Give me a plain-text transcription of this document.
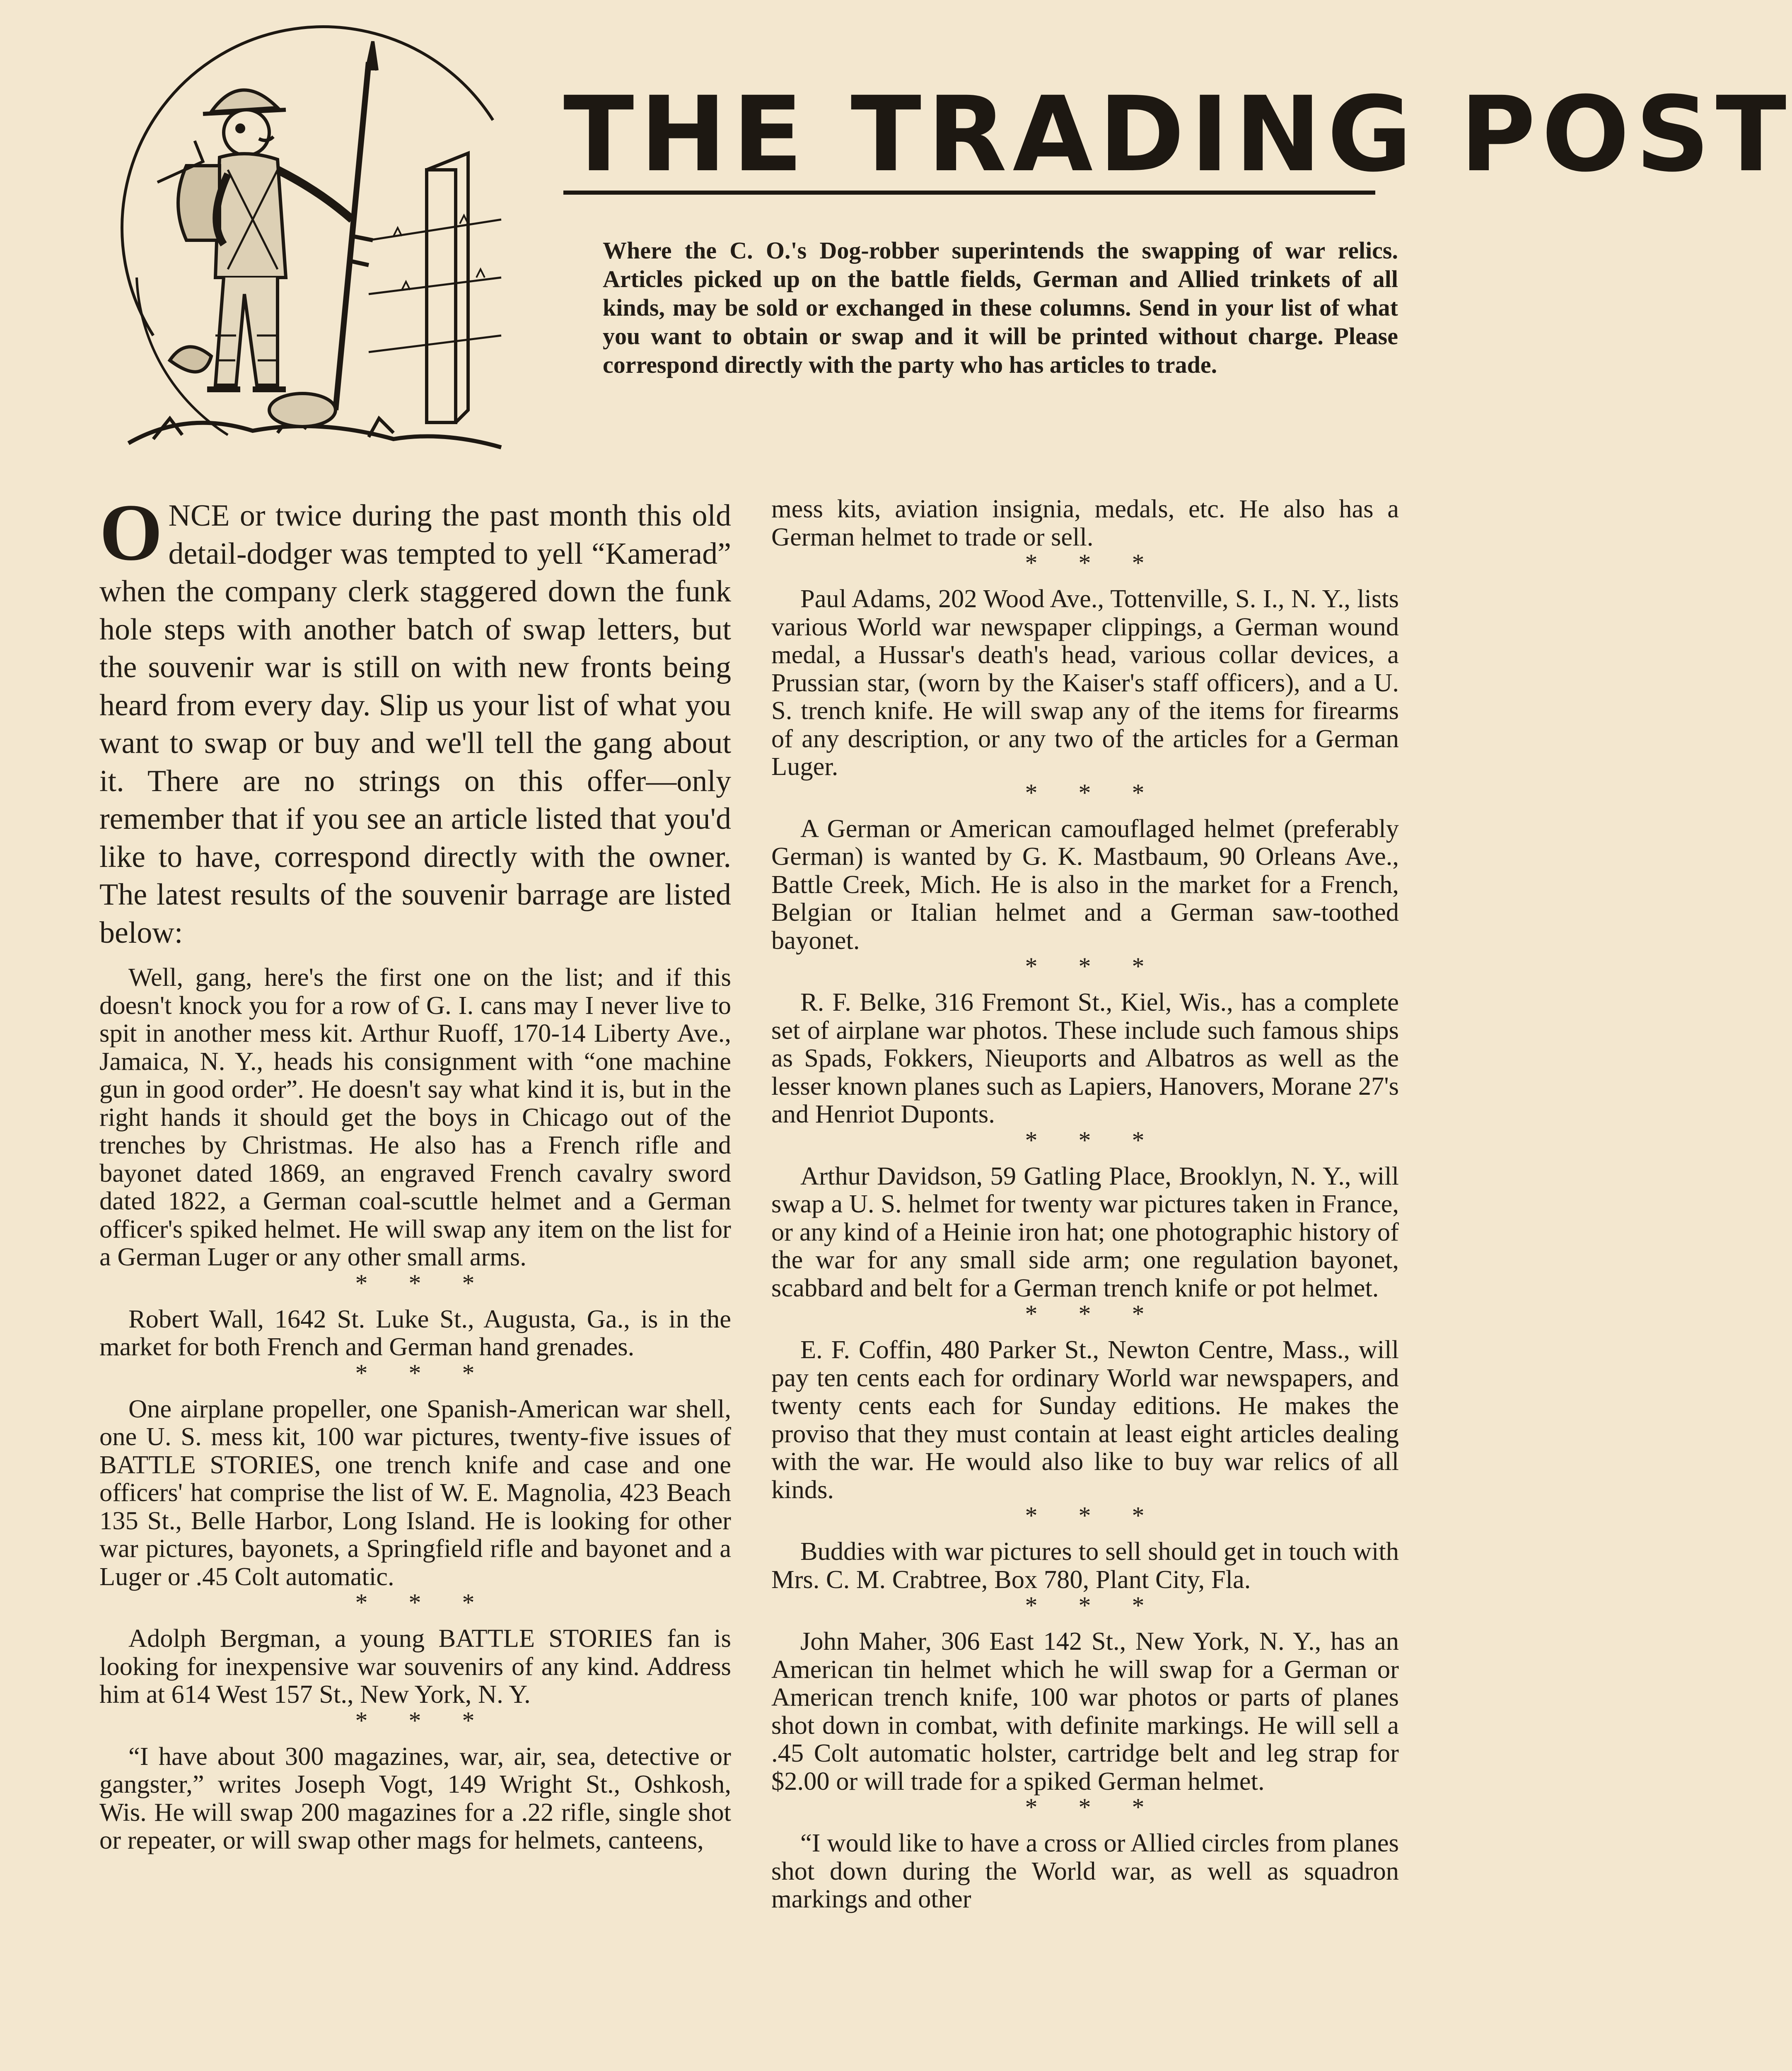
THE TRADING POST
Where the C. O.'s Dog-robber superintends the swapping of war relics. Articles picked up on the battle fields, German and Allied trinkets of all kinds, may be sold or exchanged in these columns. Send in your list of what you want to obtain or swap and it will be printed without charge. Please correspond directly with the party who has articles to trade.

ONCE or twice during the past month this old detail-dodger was tempted to yell “Kamerad” when the company clerk staggered down the funk hole steps with another batch of swap letters, but the souvenir war is still on with new fronts being heard from every day. Slip us your list of what you want to swap or buy and we'll tell the gang about it. There are no strings on this offer—only remember that if you see an article listed that you'd like to have, correspond directly with the owner. The latest results of the souvenir barrage are listed below:

Well, gang, here's the first one on the list; and if this doesn't knock you for a row of G. I. cans may I never live to spit in another mess kit. Arthur Ruoff, 170-14 Liberty Ave., Jamaica, N. Y., heads his consignment with “one machine gun in good order”. He doesn't say what kind it is, but in the right hands it should get the boys in Chicago out of the trenches by Christmas. He also has a French rifle and bayonet dated 1869, an engraved French cavalry sword dated 1822, a German coal-scuttle helmet and a German officer's spiked helmet. He will swap any item on the list for a German Luger or any other small arms.

* * *

Robert Wall, 1642 St. Luke St., Augusta, Ga., is in the market for both French and German hand grenades.

* * *

One airplane propeller, one Spanish-American war shell, one U. S. mess kit, 100 war pictures, twenty-five issues of BATTLE STORIES, one trench knife and case and one officers' hat comprise the list of W. E. Magnolia, 423 Beach 135 St., Belle Harbor, Long Island. He is looking for other war pictures, bayonets, a Springfield rifle and bayonet and a Luger or .45 Colt automatic.

* * *

Adolph Bergman, a young BATTLE STORIES fan is looking for inexpensive war souvenirs of any kind. Address him at 614 West 157 St., New York, N. Y.

* * *

“I have about 300 magazines, war, air, sea, detective or gangster,” writes Joseph Vogt, 149 Wright St., Oshkosh, Wis. He will swap 200 magazines for a .22 rifle, single shot or repeater, or will swap other mags for helmets, canteens,

mess kits, aviation insignia, medals, etc. He also has a German helmet to trade or sell.

* * *

Paul Adams, 202 Wood Ave., Tottenville, S. I., N. Y., lists various World war newspaper clippings, a German wound medal, a Hussar's death's head, various collar devices, a Prussian star, (worn by the Kaiser's staff officers), and a U. S. trench knife. He will swap any of the items for firearms of any description, or any two of the articles for a German Luger.

* * *

A German or American camouflaged helmet (preferably German) is wanted by G. K. Mastbaum, 90 Orleans Ave., Battle Creek, Mich. He is also in the market for a French, Belgian or Italian helmet and a German saw-toothed bayonet.

* * *

R. F. Belke, 316 Fremont St., Kiel, Wis., has a complete set of airplane war photos. These include such famous ships as Spads, Fokkers, Nieuports and Albatros as well as the lesser known planes such as Lapiers, Hanovers, Morane 27's and Henriot Duponts.

* * *

Arthur Davidson, 59 Gatling Place, Brooklyn, N. Y., will swap a U. S. helmet for twenty war pictures taken in France, or any kind of a Heinie iron hat; one photographic history of the war for any small side arm; one regulation bayonet, scabbard and belt for a German trench knife or pot helmet.

* * *

E. F. Coffin, 480 Parker St., Newton Centre, Mass., will pay ten cents each for ordinary World war newspapers, and twenty cents each for Sunday editions. He makes the proviso that they must contain at least eight articles dealing with the war. He would also like to buy war relics of all kinds.

* * *

Buddies with war pictures to sell should get in touch with Mrs. C. M. Crabtree, Box 780, Plant City, Fla.

* * *

John Maher, 306 East 142 St., New York, N. Y., has an American tin helmet which he will swap for a German or American trench knife, 100 war photos or parts of planes shot down in combat, with definite markings. He will sell a .45 Colt automatic holster, cartridge belt and leg strap for $2.00 or will trade for a spiked German helmet.

* * *

“I would like to have a cross or Allied circles from planes shot down during the World war, as well as squadron markings and other
